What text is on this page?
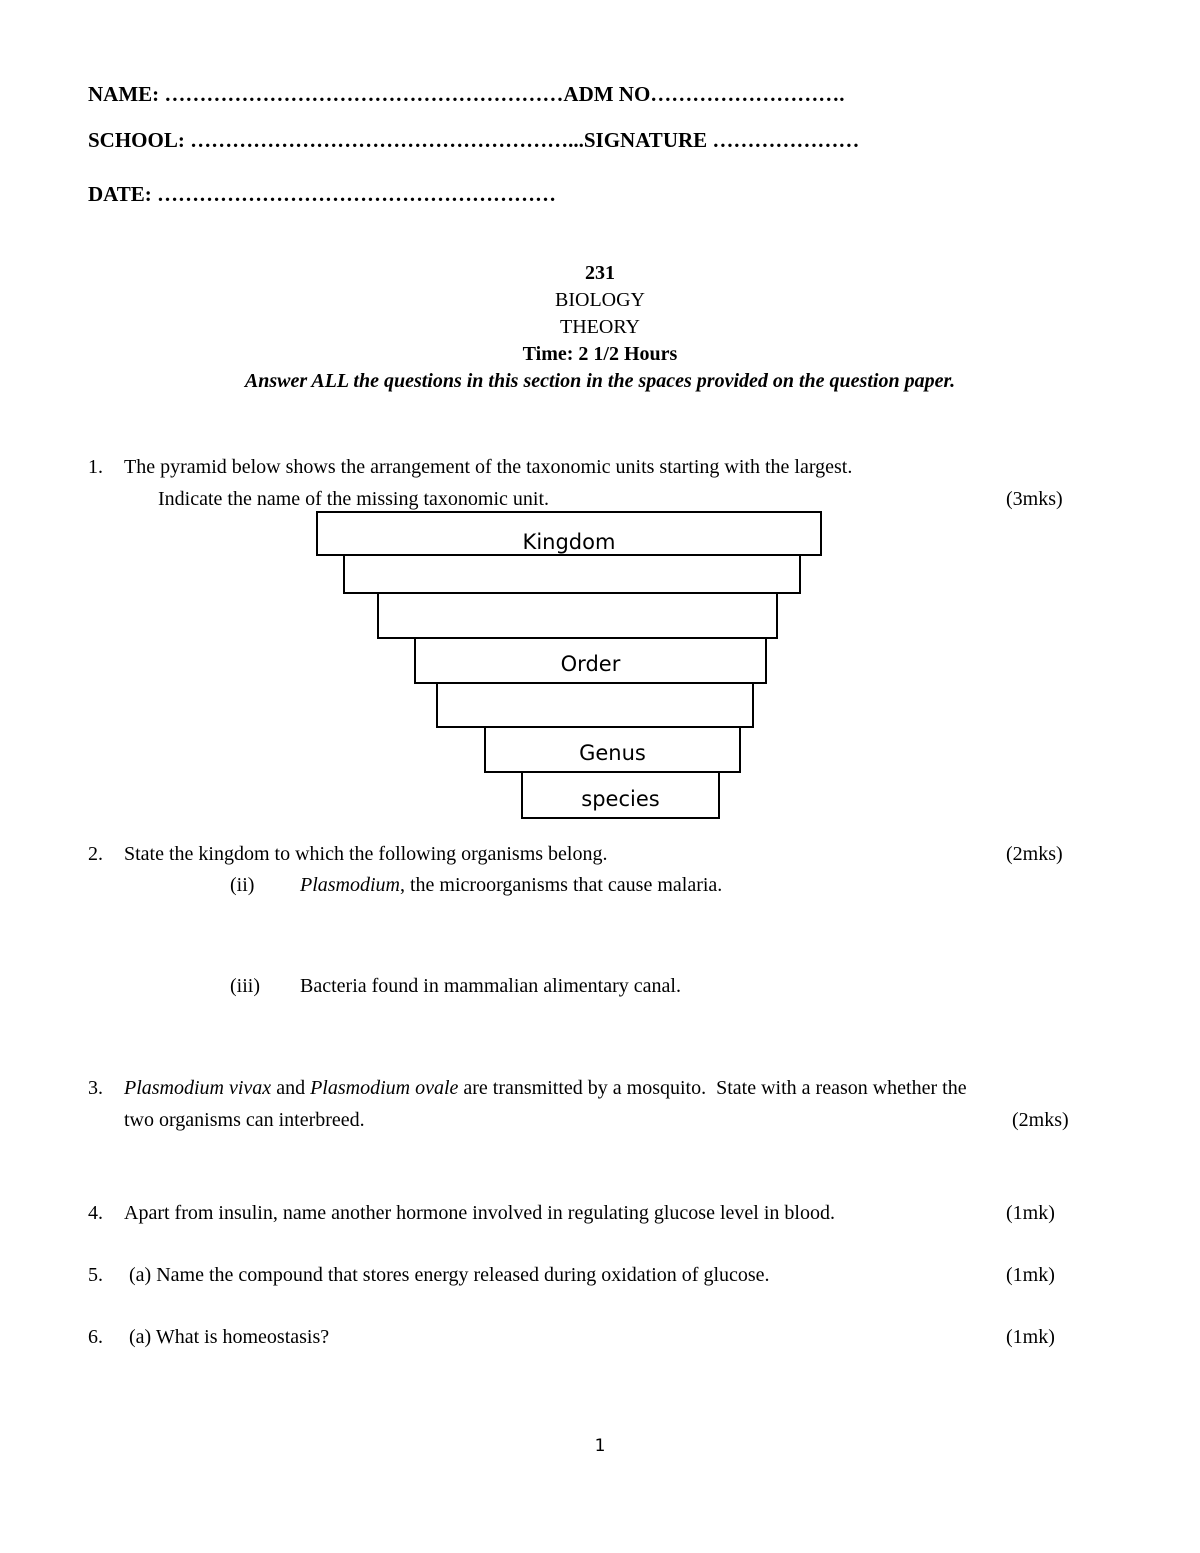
NAME: …………………………………………………ADM NO……………………….
SCHOOL: ………………………………………………...SIGNATURE …………………
DATE: …………………………………………………
231
BIOLOGY
THEORY
Time: 2 1/2 Hours
Answer ALL the questions in this section in the spaces provided on the question paper.
1. The pyramid below shows the arrangement of the taxonomic units starting with the largest.
Indicate the name of the missing taxonomic unit.	(3mks)
Kingdom
Order
Genus
species
2. State the kingdom to which the following organisms belong.	(2mks)
(ii) Plasmodium, the microorganisms that cause malaria.
(iii) Bacteria found in mammalian alimentary canal.
3. Plasmodium vivax and Plasmodium ovale are transmitted by a mosquito.  State with a reason whether the
two organisms can interbreed.	(2mks)
4. Apart from insulin, name another hormone involved in regulating glucose level in blood.	(1mk)
5. (a) Name the compound that stores energy released during oxidation of glucose.	(1mk)
6. (a) What is homeostasis?	(1mk)
1
